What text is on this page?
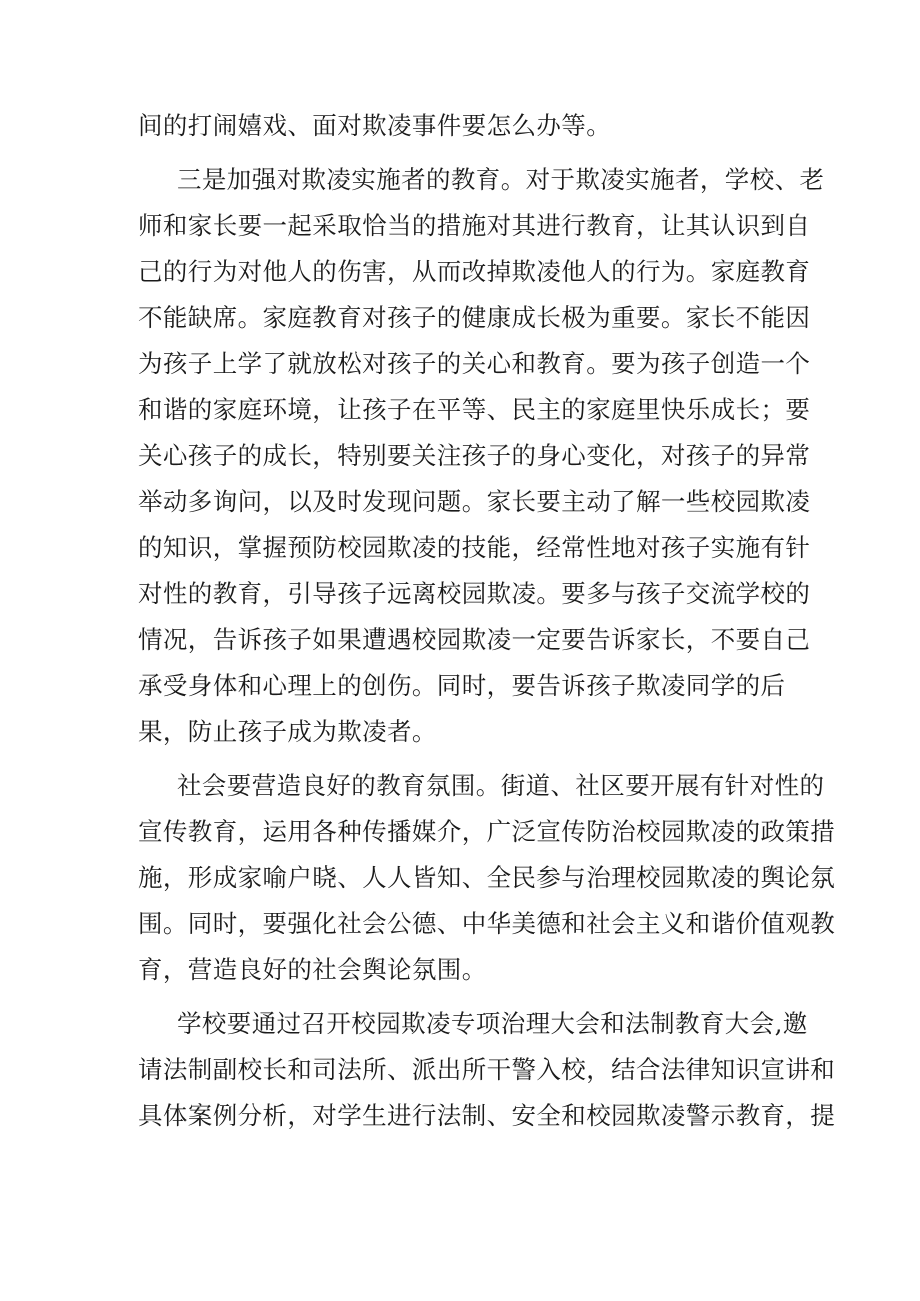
间的打闹嬉戏、面对欺凌事件要怎么办等。
三是加强对欺凌实施者的教育。对于欺凌实施者，学校、老
师和家长要一起采取恰当的措施对其进行教育，让其认识到自
己的行为对他人的伤害，从而改掉欺凌他人的行为。家庭教育
不能缺席。家庭教育对孩子的健康成长极为重要。家长不能因
为孩子上学了就放松对孩子的关心和教育。要为孩子创造一个
和谐的家庭环境，让孩子在平等、民主的家庭里快乐成长；要
关心孩子的成长，特别要关注孩子的身心变化，对孩子的异常
举动多询问，以及时发现问题。家长要主动了解一些校园欺凌
的知识，掌握预防校园欺凌的技能，经常性地对孩子实施有针
对性的教育，引导孩子远离校园欺凌。要多与孩子交流学校的
情况，告诉孩子如果遭遇校园欺凌一定要告诉家长，不要自己
承受身体和心理上的创伤。同时，要告诉孩子欺凌同学的后
果，防止孩子成为欺凌者。
社会要营造良好的教育氛围。街道、社区要开展有针对性的
宣传教育，运用各种传播媒介，广泛宣传防治校园欺凌的政策措
施，形成家喻户晓、人人皆知、全民参与治理校园欺凌的舆论氛
围。同时，要强化社会公德、中华美德和社会主义和谐价值观教
育，营造良好的社会舆论氛围。
学校要通过召开校园欺凌专项治理大会和法制教育大会,邀
请法制副校长和司法所、派出所干警入校，结合法律知识宣讲和
具体案例分析，对学生进行法制、安全和校园欺凌警示教育，提
